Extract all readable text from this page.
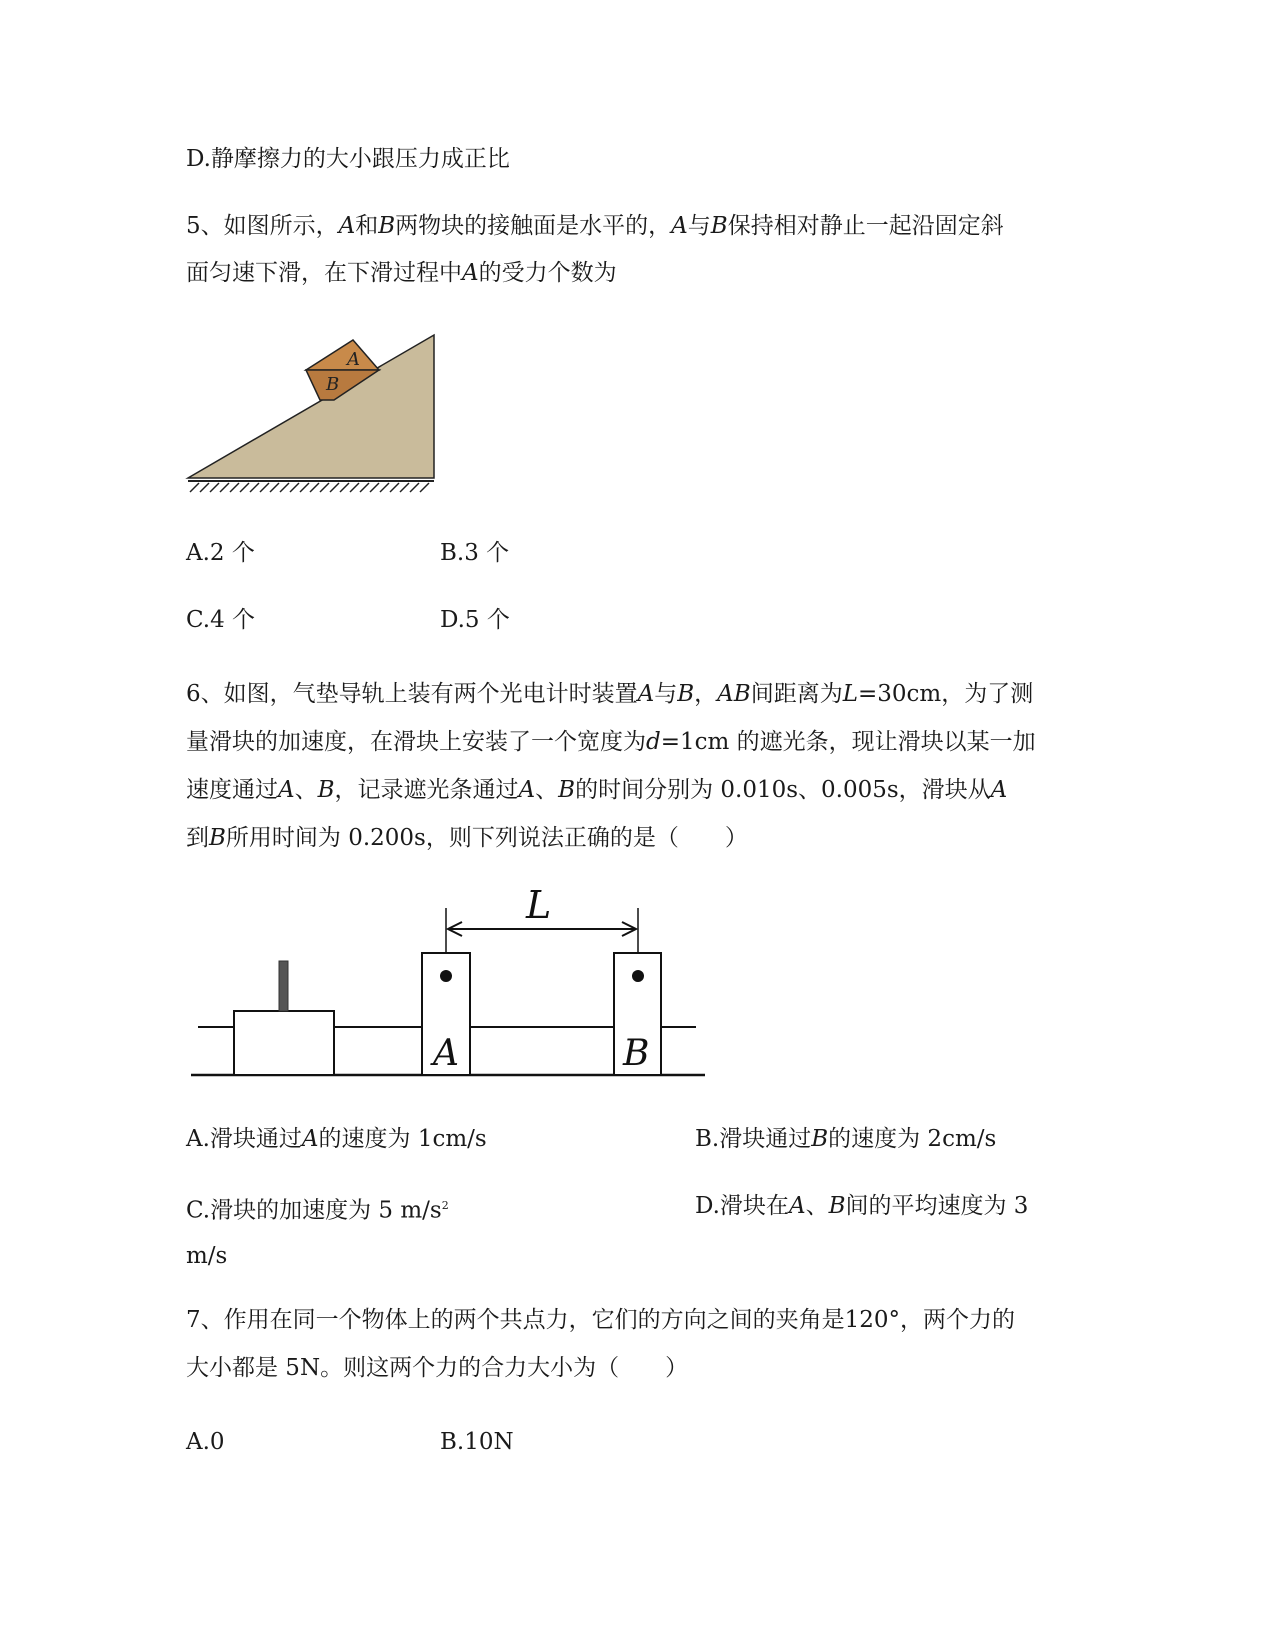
D.静摩擦力的大小跟压力成正比
5、如图所示，A和B两物块的接触面是水平的，A与B保持相对静止一起沿固定斜
面匀速下滑，在下滑过程中A的受力个数为
A
B
L
A	B
A.2 个	B.3 个
C.4 个	D.5 个
6、如图，气垫导轨上装有两个光电计时装置A与B，AB间距离为L=30cm，为了测
量滑块的加速度，在滑块上安装了一个宽度为d=1cm 的遮光条，现让滑块以某一加
速度通过A、B，记录遮光条通过A、B的时间分别为 0.010s、0.005s，滑块从A
到B所用时间为 0.200s，则下列说法正确的是（　　）
A.滑块通过A的速度为 1cm/s	B.滑块通过B的速度为 2cm/s
C.滑块的加速度为 5 $m/s^2$	D.滑块在A、B间的平均速度为 3
m/s
7、作用在同一个物体上的两个共点力，它们的方向之间的夹角是120°，两个力的
大小都是 5N。则这两个力的合力大小为（　　）
A.0	B.10N
